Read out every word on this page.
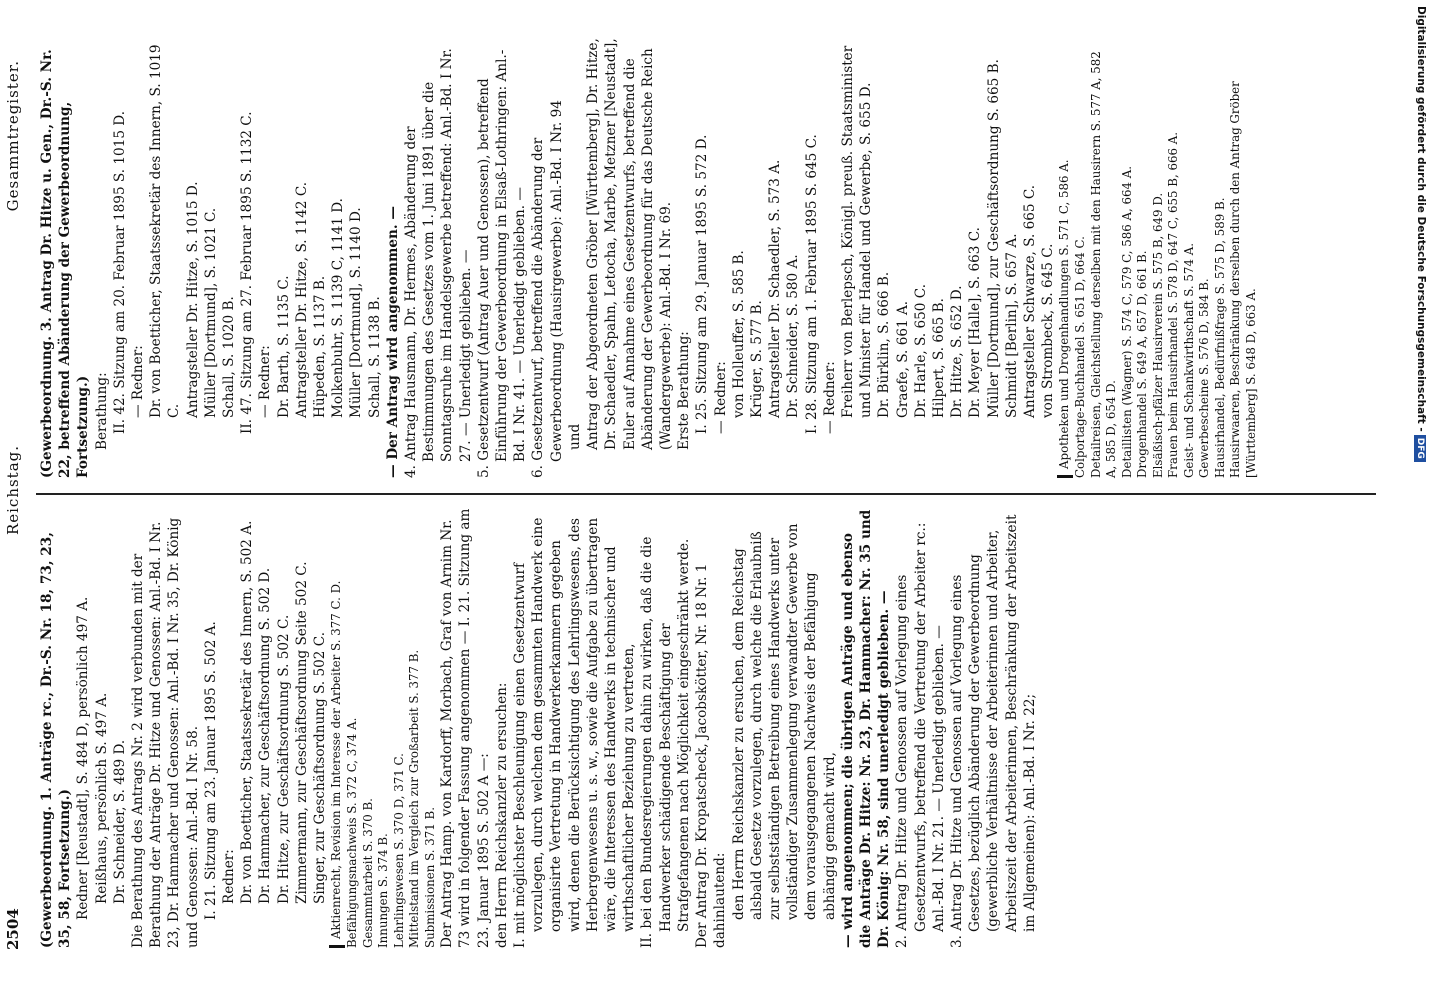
2504
Reichstag.
Gesammtregister.

(Gewerbeordnung. 1. Anträge rc., Dr.-S. Nr. 18, 73, 23, 35, 58, Fortsetzung.) Redner [Reustadt], S. 484 D, persönlich 497 A. Reißhaus, persönlich S. 497 A. Dr. Schneider, S. 489 D. Die Berathung des Antrags Nr. 2 wird verbunden mit der Berathung der Anträge Dr. Hitze und Genossen: Anl.-Bd. I Nr. 23, Dr. Hammacher und Genossen: Anl.-Bd. I Nr. 35, Dr. König und Genossen: Anl.-Bd. I Nr. 58. I. 21. Sitzung am 23. Januar 1895 S. 502 A. Redner: Dr. von Boetticher, Staatssekretär des Innern, S. 502 A. Dr. Hammacher, zur Geschäftsordnung S. 502 D. Dr. Hitze, zur Geschäftsordnung S. 502 C. Zimmermann, zur Geschäftsordnung Seite 502 C. Singer, zur Geschäftsordnung S. 502 C. Aktienrecht, Revision im Interesse der Arbeiter S. 377 C. D. Befähigungsnachweis S. 372 C, 374 A. Gesammtarbeit S. 370 B. Innungen S. 374 B. Lehrlingswesen S. 370 D, 371 C. Mittelstand im Vergleich zur Großarbeit S. 377 B. Submissionen S. 371 B. Der Antrag Hamp. von Kardorff, Morbach, Graf von Arnim Nr. 73 wird in folgender Fassung angenommen — I. 21. Sitzung am 23. Januar 1895 S. 502 A —: den Herrn Reichskanzler zu ersuchen: I. mit möglichster Beschleunigung einen Gesetzentwurf vorzulegen, durch welchen dem gesammten Handwerk eine organisirte Vertretung in Handwerkerkammern gegeben wird, denen die Berücksichtigung des Lehrlingswesens, des Herbergenwesens u. s. w., sowie die Aufgabe zu übertragen wäre, die Interessen des Handwerks in technischer und wirthschaftlicher Beziehung zu vertreten, II. bei den Bundesregierungen dahin zu wirken, daß die die Handwerker schädigende Beschäftigung der Strafgefangenen nach Möglichkeit eingeschränkt werde. Der Antrag Dr. Kropatscheck, Jacobskötter, Nr. 18 Nr. 1 dahinlautend: den Herrn Reichskanzler zu ersuchen, dem Reichstag alsbald Gesetze vorzulegen, durch welche die Erlaubniß zur selbstständigen Betreibung eines Handwerks unter vollständiger Zusammenlegung verwandter Gewerbe von dem vorausgegangenen Nachweis der Befähigung abhängig gemacht wird, — wird angenommen; die übrigen Anträge und ebenso die Anträge Dr. Hitze: Nr. 23, Dr. Hammacher: Nr. 35 und Dr. König: Nr. 58, sind unerledigt geblieben. — 2. Antrag Dr. Hitze und Genossen auf Vorlegung eines Gesetzentwurfs, betreffend die Vertretung der Arbeiter rc.: Anl.-Bd. I Nr. 21. — Unerledigt geblieben. — 3. Antrag Dr. Hitze und Genossen auf Vorlegung eines Gesetzes, bezüglich Abänderung der Gewerbeordnung (gewerbliche Verhältnisse der Arbeiterinnen und Arbeiter, Arbeitszeit der Arbeiterinnen, Beschränkung der Arbeitszeit im Allgemeinen): Anl.-Bd. I Nr. 22;

(Gewerbeordnung. 3. Antrag Dr. Hitze u. Gen., Dr.-S. Nr. 22, betreffend Abänderung der Gewerbeordnung, Fortsetzung.) Berathung: II. 42. Sitzung am 20. Februar 1895 S. 1015 D. — Redner: Dr. von Boetticher, Staatssekretär des Innern, S. 1019 C. Antragsteller Dr. Hitze, S. 1015 D. Müller [Dortmund], S. 1021 C. Schall, S. 1020 B. II. 47. Sitzung am 27. Februar 1895 S. 1132 C. — Redner: Dr. Barth, S. 1135 C. Antragsteller Dr. Hitze, S. 1142 C. Hüpeden, S. 1137 B. Molkenbuhr, S. 1139 C, 1141 D. Müller [Dortmund], S. 1140 D. Schall, S. 1138 B. — Der Antrag wird angenommen. — 4. Antrag Hausmann, Dr. Hermes, Abänderung der Bestimmungen des Gesetzes vom 1. Juni 1891 über die Sonntagsruhe im Handelsgewerbe betreffend: Anl.-Bd. I Nr. 27. — Unerledigt geblieben. — 5. Gesetzentwurf (Antrag Auer und Genossen), betreffend Einführung der Gewerbeordnung in Elsaß-Lothringen: Anl.-Bd. I Nr. 41. — Unerledigt geblieben. — 6. Gesetzentwurf, betreffend die Abänderung der Gewerbeordnung (Hausirgewerbe): Anl.-Bd. I Nr. 94 und Antrag der Abgeordneten Gröber [Württemberg], Dr. Hitze, Dr. Schaedler, Spahn, Letocha, Marbe, Metzner [Neustadt], Euler auf Annahme eines Gesetzentwurfs, betreffend die Abänderung der Gewerbeordnung für das Deutsche Reich (Wandergewerbe): Anl.-Bd. I Nr. 69. Erste Berathung: I. 25. Sitzung am 29. Januar 1895 S. 572 D. — Redner: von Holleuffer, S. 585 B. Krüger, S. 577 B. Antragsteller Dr. Schaedler, S. 573 A. Dr. Schneider, S. 580 A. I. 28. Sitzung am 1. Februar 1895 S. 645 C. — Redner: Freiherr von Berlepsch, Königl. preuß. Staatsminister und Minister für Handel und Gewerbe, S. 655 D. Dr. Bürklin, S. 666 B. Graefe, S. 661 A. Dr. Harle, S. 650 C. Hilpert, S. 665 B. Dr. Hitze, S. 652 D. Dr. Meyer [Halle], S. 663 C. Müller [Dortmund], zur Geschäftsordnung S. 665 B. Schmidt [Berlin], S. 657 A. Antragsteller Schwarze, S. 665 C. von Strombeck, S. 645 C. Apotheken und Drogenhandlungen S. 571 C, 586 A. Colportage-Buchhandel S. 651 D, 664 C. Detailreisen, Gleichstellung derselben mit den Hausirern S. 577 A, 582 A, 585 D, 654 D. Detaillisten (Wagner) S. 574 C, 579 C, 586 A, 664 A. Drogenhandel S. 649 A, 657 D, 661 B. Elsäßisch-pfälzer Hausirverein S. 575 B, 649 D. Frauen beim Hausirhandel S. 578 D, 647 C, 655 B, 666 A. Geist- und Schankwirthschaft S. 574 A. Gewerbescheine S. 576 D, 584 B. Hausirhandel, Bedürfnißfrage S. 575 D, 589 B. Hausirwaaren, Beschränkung derselben durch den Antrag Gröber [Württemberg] S. 648 D, 663 A.	Digitalisierung gefördert durch die Deutsche Forschungsgemeinschaft -DFG
